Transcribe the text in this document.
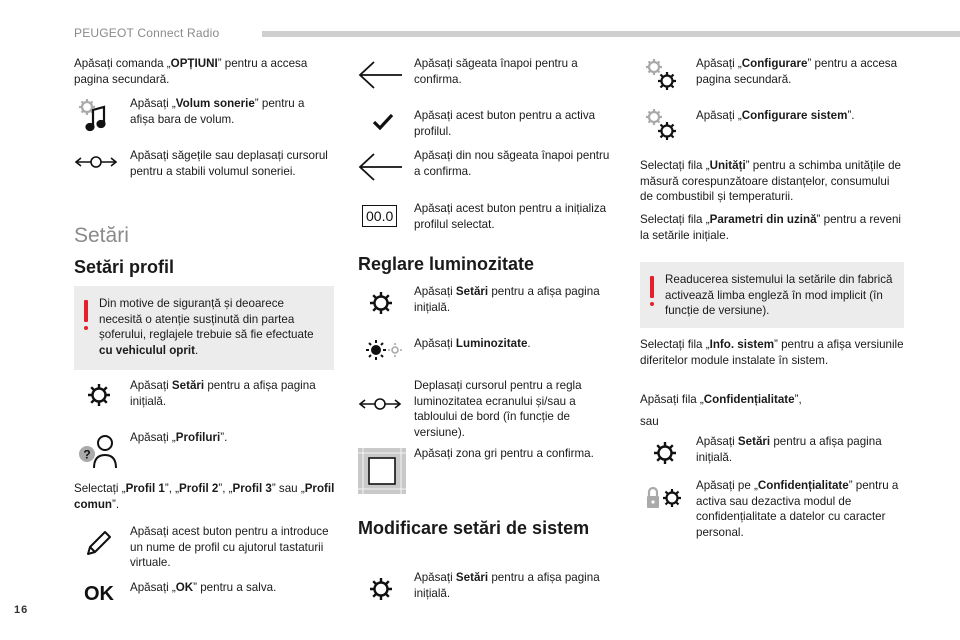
PEUGEOT Connect Radio
Apăsați comanda „OPȚIUNI” pentru a accesa pagina secundară.
Apăsați „Volum sonerie” pentru a afișa bara de volum.
Apăsați săgețile sau deplasați cursorul pentru a stabili volumul soneriei.
Setări
Setări profil
Din motive de siguranță și deoarece necesită o atenție susținută din partea șoferului, reglajele trebuie să fie efectuate cu vehiculul oprit.
Apăsați Setări pentru a afișa pagina inițială.
?
Apăsați „Profiluri”.
Selectați „Profil 1”, „Profil 2”, „Profil 3” sau „Profil comun”.
Apăsați acest buton pentru a introduce un nume de profil cu ajutorul tastaturii virtuale.
OK Apăsați „OK” pentru a salva.
Apăsați săgeata înapoi pentru a confirma.
Apăsați acest buton pentru a activa profilul.
Apăsați din nou săgeata înapoi pentru a confirma.
00.0	Apăsați acest buton pentru a inițializa profilul selectat.
Reglare luminozitate
Apăsați Setări pentru a afișa pagina inițială.
Apăsați Luminozitate.
Deplasați cursorul pentru a regla luminozitatea ecranului și/sau a tabloului de bord (în funcție de versiune).
Apăsați zona gri pentru a confirma.
Modificare setări de sistem
Apăsați Setări pentru a afișa pagina inițială.
Apăsați „Configurare” pentru a accesa pagina secundară.
Apăsați „Configurare sistem”.
Selectați fila „Unități” pentru a schimba unitățile de măsură corespunzătoare distanțelor, consumului de combustibil și temperaturii.
Selectați fila „Parametri din uzină” pentru a reveni la setările inițiale.
Readucerea sistemului la setările din fabrică activează limba engleză în mod implicit (în funcție de versiune).
Selectați fila „Info. sistem” pentru a afișa versiunile diferitelor module instalate în sistem.
Apăsați fila „Confidențialitate”,
sau
Apăsați Setări pentru a afișa pagina inițială.
Apăsați pe „Confidențialitate” pentru a activa sau dezactiva modul de confidențialitate a datelor cu caracter personal.
16
